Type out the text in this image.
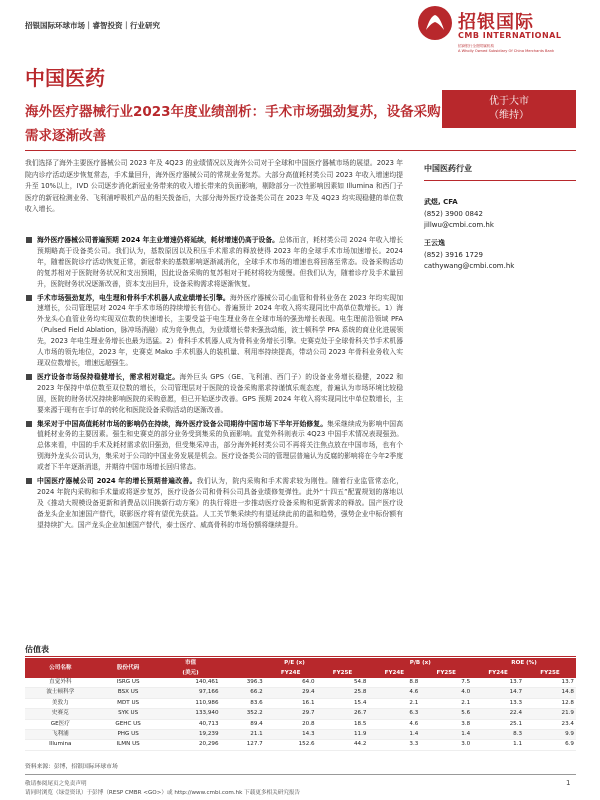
招银国际环球市场｜睿智投资｜行业研究	招银国际
CMB INTERNATIONAL
招商银行全资附属机构
A Wholly Owned Subsidiary Of China Merchants Bank
中国医药
海外医疗器械行业2023年度业绩剖析：手术市场强劲复苏，设备采购需求逐渐改善
优于大市
（维持）
我们选择了海外主要医疗器械公司 2023 年及 4Q23 的业绩情况以及海外公司对于全球和中国医疗器械市场的展望。2023 年院内诊疗活动逐步恢复常态，手术量回升，海外医疗器械公司的常规业务复苏。大部分高值耗材类公司 2023 年收入增速均提升至 10%以上，IVD 公司逐步消化新冠业务带来的收入增长带来的负面影响，剔除部分一次性影响因素如 Illumina 和西门子医疗的新冠检测业务、飞利浦呼吸机产品的相关拨备后，大部分海外医疗设备类公司在 2023 年及 4Q23 均实现稳健的单位数收入增长。
海外医疗器械公司普遍预期 2024 年主业增速仍将延续，耗材增速仍高于设备。总体而言，耗材类公司 2024 年收入增长预期略高于设备类公司。我们认为，基数原因以及积压手术需求的释放使得 2023 年的全球手术市场加速增长。2024 年，随着医院诊疗活动恢复正常，新冠带来的基数影响逐渐减消化，全球手术市场的增速也将回落至常态。设备采购活动的复苏相对于医院财务状况和支出预期，因此设备采购的复苏相对于耗材将较为缓慢。但我们认为，随着诊疗及手术量回升，医院财务状况逐渐改善，资本支出回升，设备采购需求将逐渐恢复。
手术市场强劲复苏，电生理和骨科手术机器人成业绩增长引擎。海外医疗器械公司心血管和骨科业务在 2023 年均实现加速增长，公司管理层对 2024 年手术市场的持续增长有信心。普遍预计 2024 年收入将实现同比中高单位数增长。1）海外龙头心血管业务均实现双位数的快速增长，主要受益于电生理业务在全球市场的强劲增长表现。电生理前沿领域 PFA（Pulsed Field Ablation，脉冲场消融）成为竞争焦点，为业绩增长带来强劲动能，波士顿科学 PFA 系统的商业化进展领先，2023 年电生理业务增长也最为迅猛。2）骨科手术机器人成为骨科业务增长引擎。史赛克处于全球骨科关节手术机器人市场的领先地位，2023 年，史赛克 Mako 手术机器人的装机量、利用率持续提高，带动公司 2023 年骨科业务收入实现双位数增长，增速远超强生。
医疗设备市场保持稳健增长，需求相对稳定。海外巨头 GPS（GE、飞利浦、西门子）的设备业务增长稳健，2022 和 2023 年保持中单位数至双位数的增长，公司管理层对于医院的设备采购需求持谨慎乐观态度，普遍认为市场环境比较稳固，医院的财务状况持续影响医院的采购意愿，但已开始逐步改善。GPS 预期 2024 年收入将实现同比中单位数增长，主要来源于现有在手订单的转化和医院设备采购活动的逐渐改善。
集采对于中国高值耗材市场的影响仍在持续，海外医疗设备公司期待中国市场下半年开始修复。集采继续成为影响中国高值耗材业务的主要因素。强生和史赛克的部分业务受到集采的负面影响。直觉外科则表示 4Q23 中国手术情况表现强劲。总体来看，中国的手术及耗材需求依旧强劲，但受集采冲击，部分海外耗材类公司不再将关注焦点放在中国市场，也有个别海外龙头公司认为，集采对于公司的中国业务发展是机会。医疗设备类公司的管理层普遍认为反腐的影响将在今年2季度或者下半年逐渐消退，并期待中国市场增长回归常态。
中国医疗器械公司 2024 年的增长预期普遍改善。我们认为，院内采购和手术需求较为刚性。随着行业监管常态化，2024 年院内采购和手术量或将逐步复苏，医疗设备公司和骨科公司具备业绩修复弹性。此外“十四五”配置规划的落地以及《推动大规模设备更新和消费品以旧换新行动方案》的执行将进一步推动医疗设备采购和更新需求的释放。国产医疗设备龙头企业加速国产替代，联影医疗将有望优先获益。人工关节集采续约有望延续此前的温和趋势，强势企业中标份额有望持续扩大。国产龙头企业加速国产替代，泰士医疗、威高骨科的市场份额将继续提升。
中国医药行业
武煜, CFA
(852) 3900 0842
jillwu@cmbi.com.hk
王云逸
(852) 3916 1729
cathywang@cmbi.com.hk
估值表
公司名称	股份代码	市值	P/E (x)			P/B (x)		ROE (%)	
		(美元)		FY24E	FY25E	FY24E	FY25E	FY24E	FY25E
直觉外科	ISRG US	140,461	396.3	64.0	54.8	8.8	7.5	13.7	13.7
波士顿科学	BSX US	97,166	66.2	29.4	25.8	4.6	4.0	14.7	14.8
美敦力	MDT US	110,986	83.6	16.1	15.4	2.1	2.1	13.3	12.8
史赛克	SYK US	133,940	352.2	29.7	26.7	6.3	5.6	22.4	21.9
GE医疗	GEHC US	40,713	89.4	20.8	18.5	4.6	3.8	25.1	23.4
飞利浦	PHG US	19,239	21.1	14.3	11.9	1.4	1.4	8.3	9.9
Illumina	ILMN US	20,296	127.7	152.6	44.2	3.3	3.0	1.1	6.9
资料来源：彭博，招银国际环球市场
敬请参阅尾页之免责声明
请同时浏览（绿壹资讯）于彭博（RESP CMBR <GO>）或 http://www.cmbi.com.hk 下载更多相关研究报告
1
